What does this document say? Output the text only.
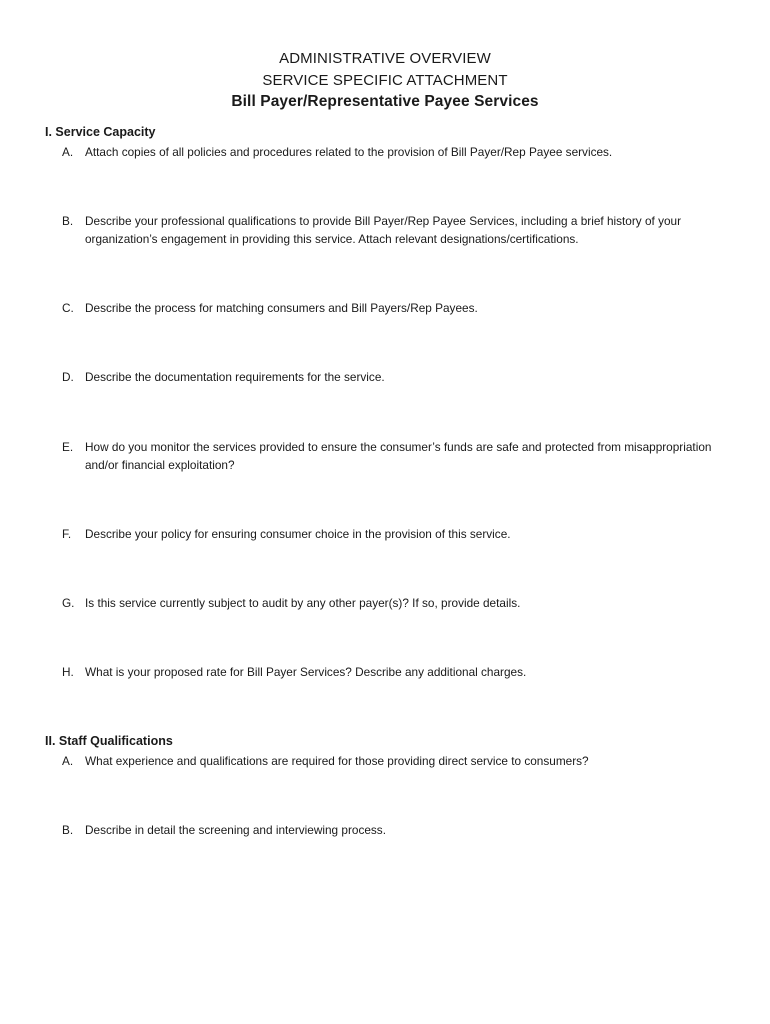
ADMINISTRATIVE OVERVIEW
SERVICE SPECIFIC ATTACHMENT
Bill Payer/Representative Payee Services
I. Service Capacity
A.	Attach copies of all policies and procedures related to the provision of Bill Payer/Rep Payee services.
B.	Describe your professional qualifications to provide Bill Payer/Rep Payee Services, including a brief history of your organization’s engagement in providing this service. Attach relevant designations/certifications.
C. Describe the process for matching consumers and Bill Payers/Rep Payees.
D. Describe the documentation requirements for the service.
E.	How do you monitor the services provided to ensure the consumer’s funds are safe and protected from misappropriation and/or financial exploitation?
F.	Describe your policy for ensuring consumer choice in the provision of this service.
G. Is this service currently subject to audit by any other payer(s)? If so, provide details.
H. What is your proposed rate for Bill Payer Services? Describe any additional charges.
II. Staff Qualifications
A.	What experience and qualifications are required for those providing direct service to consumers?
B.	Describe in detail the screening and interviewing process.
